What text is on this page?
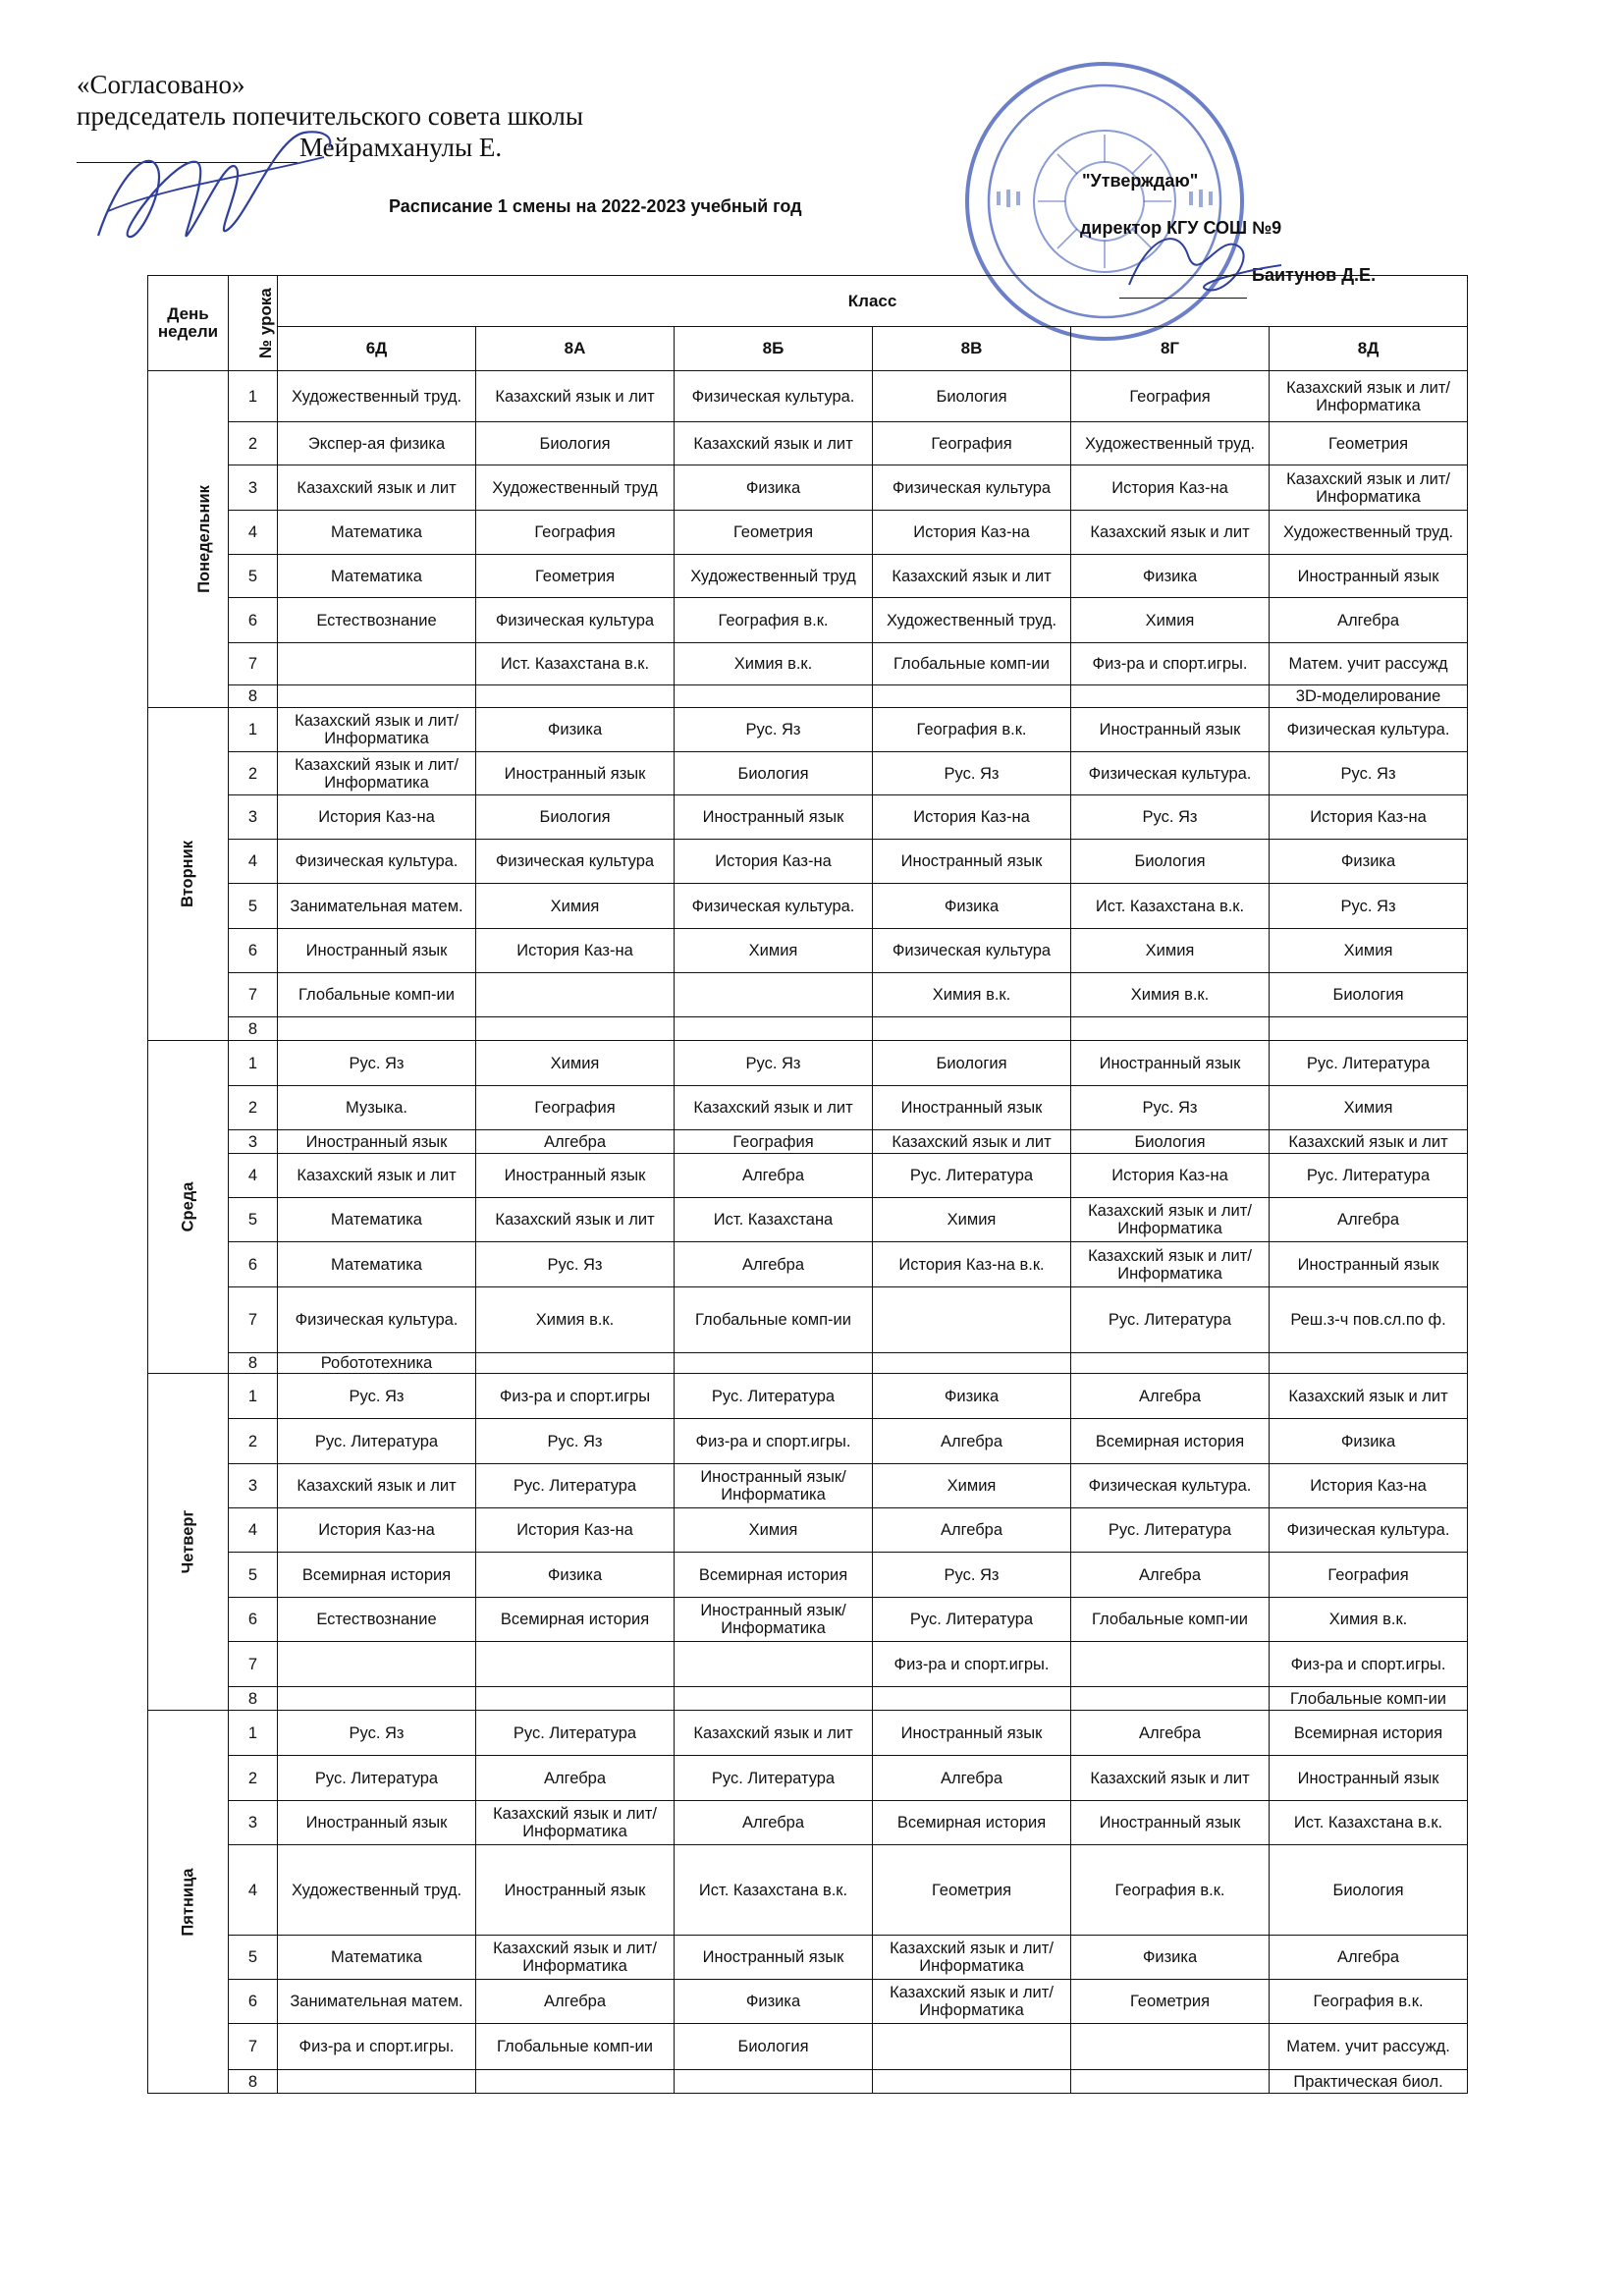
«Согласовано»
председатель попечительского совета школы
Мейрамханулы Е.
Расписание 1 смены на 2022-2023 учебный год
"Утверждаю"
директор КГУ СОШ №9
Баитунов Д.Е.
День недели	№ урока	Класс					
		6Д	8А	8Б	8В	8Г	8Д
Понедельник	1	Художественный труд.	Казахский язык и лит	Физическая культура.	Биология	География	Казахский язык и лит/ Информатика
	2	Экспер-ая физика	Биология	Казахский язык и лит	География	Художественный труд.	Геометрия
	3	Казахский язык и лит	Художественный труд	Физика	Физическая культура	История Каз-на	Казахский язык и лит/ Информатика
	4	Математика	География	Геометрия	История Каз-на	Казахский язык и лит	Художественный труд.
	5	Математика	Геометрия	Художественный труд	Казахский язык и лит	Физика	Иностранный язык
	6	Естествознание	Физическая культура	География в.к.	Художественный труд.	Химия	Алгебра
	7		Ист. Казахстана в.к.	Химия в.к.	Глобальные комп-ии	Физ-ра и спорт.игры.	Матем. учит рассужд
	8						3D-моделирование
Вторник	1	Казахский язык и лит/Информатика	Физика	Рус. Яз	География в.к.	Иностранный язык	Физическая культура.
	2	Казахский язык и лит/Информатика	Иностранный язык	Биология	Рус. Яз	Физическая культура.	Рус. Яз
	3	История Каз-на	Биология	Иностранный язык	История Каз-на	Рус. Яз	История Каз-на
	4	Физическая культура.	Физическая культура	История Каз-на	Иностранный язык	Биология	Физика
	5	Занимательная матем.	Химия	Физическая культура.	Физика	Ист. Казахстана в.к.	Рус. Яз
	6	Иностранный язык	История Каз-на	Химия	Физическая культура	Химия	Химия
	7	Глобальные комп-ии			Химия в.к.	Химия в.к.	Биология
	8						
Среда	1	Рус. Яз	Химия	Рус. Яз	Биология	Иностранный язык	Рус. Литература
	2	Музыка.	География	Казахский язык и лит	Иностранный язык	Рус. Яз	Химия
	3	Иностранный язык	Алгебра	География	Казахский язык и лит	Биология	Казахский язык и лит
	4	Казахский язык и лит	Иностранный язык	Алгебра	Рус. Литература	История Каз-на	Рус. Литература
	5	Математика	Казахский язык и лит	Ист. Казахстана	Химия	Казахский язык и лит/Информатика	Алгебра
	6	Математика	Рус. Яз	Алгебра	История Каз-на в.к.	Казахский язык и лит/Информатика	Иностранный язык
	7	Физическая культура.	Химия в.к.	Глобальные комп-ии		Рус. Литература	Реш.з-ч пов.сл.по ф.
	8	Робототехника					
Четверг	1	Рус. Яз	Физ-ра и спорт.игры	Рус. Литература	Физика	Алгебра	Казахский язык и лит
	2	Рус. Литература	Рус. Яз	Физ-ра и спорт.игры.	Алгебра	Всемирная история	Физика
	3	Казахский язык и лит	Рус. Литература	Иностранный язык/ Информатика	Химия	Физическая культура.	История Каз-на
	4	История Каз-на	История Каз-на	Химия	Алгебра	Рус. Литература	Физическая культура.
	5	Всемирная история	Физика	Всемирная история	Рус. Яз	Алгебра	География
	6	Естествознание	Всемирная история	Иностранный язык/ Информатика	Рус. Литература	Глобальные комп-ии	Химия в.к.
	7				Физ-ра и спорт.игры.		Физ-ра и спорт.игры.
	8						Глобальные комп-ии
Пятница	1	Рус. Яз	Рус. Литература	Казахский язык и лит	Иностранный язык	Алгебра	Всемирная история
	2	Рус. Литература	Алгебра	Рус. Литература	Алгебра	Казахский язык и лит	Иностранный язык
	3	Иностранный язык	Казахский язык и лит/Информатика	Алгебра	Всемирная история	Иностранный язык	Ист. Казахстана в.к.
	4	Художественный труд.	Иностранный язык	Ист. Казахстана в.к.	Геометрия	География в.к.	Биология
	5	Математика	Казахский язык и лит/Информатика	Иностранный язык	Казахский язык и лит/Информатика	Физика	Алгебра
	6	Занимательная матем.	Алгебра	Физика	Казахский язык и лит/Информатика	Геометрия	География в.к.
	7	Физ-ра и спорт.игры.	Глобальные комп-ии	Биология			Матем. учит рассужд.
	8						Практическая биол.
